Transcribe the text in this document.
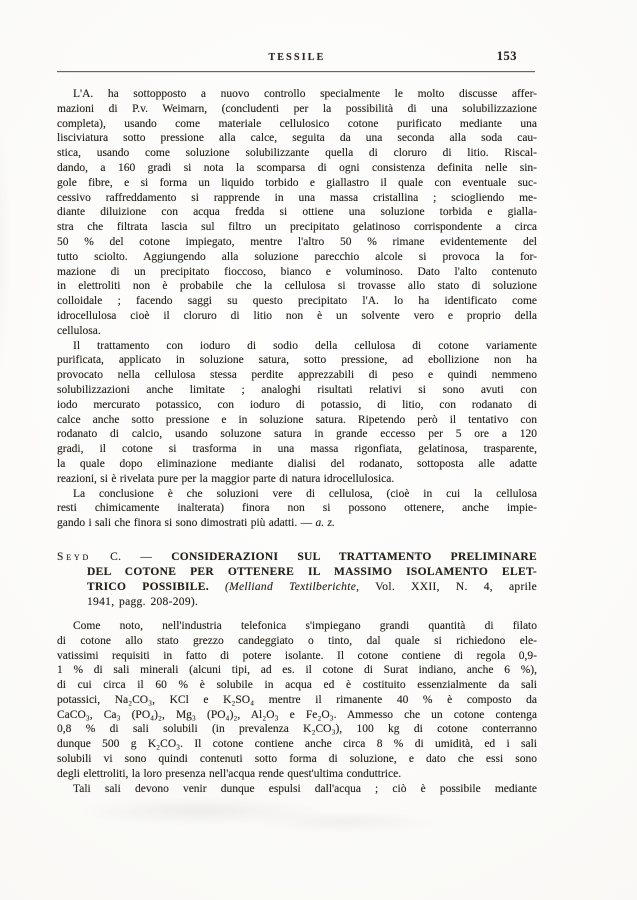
TESSILE	153
L'A. ha sottopposto a nuovo controllo specialmente le molto discusse affer-
mazioni di P.v. Weimarn, (concludenti per la possibilità di una solubilizzazione
completa), usando come materiale cellulosico cotone purificato mediante una
lisciviatura sotto pressione alla calce, seguita da una seconda alla soda cau-
stica, usando come soluzione solubilizzante quella di cloruro di litio. Riscal-
dando, a 160 gradi si nota la scomparsa di ogni consistenza definita nelle sin-
gole fibre, e si forma un liquido torbido e giallastro il quale con eventuale suc-
cessivo raffreddamento si rapprende in una massa cristallina ; sciogliendo me-
diante diluizione con acqua fredda si ottiene una soluzione torbida e gialla-
stra che filtrata lascia sul filtro un precipitato gelatinoso corrispondente a circa
50 % del cotone impiegato, mentre l'altro 50 % rimane evidentemente del
tutto sciolto. Aggiungendo alla soluzione parecchio alcole si provoca la for-
mazione di un precipitato fioccoso, bianco e voluminoso. Dato l'alto contenuto
in elettroliti non è probabile che la cellulosa si trovasse allo stato di soluzione
colloidale ; facendo saggi su questo precipitato l'A. lo ha identificato come
idrocellulosa cioè il cloruro di litio non è un solvente vero e proprio della
cellulosa.
Il trattamento con ioduro di sodio della cellulosa di cotone variamente
purificata, applicato in soluzione satura, sotto pressione, ad ebollizione non ha
provocato nella cellulosa stessa perdite apprezzabili di peso e quindi nemmeno
solubilizzazioni anche limitate ; analoghi risultati relativi si sono avuti con
iodo mercurato potassico, con ioduro di potassio, di litio, con rodanato di
calce anche sotto pressione e in soluzione satura. Ripetendo però il tentativo con
rodanato di calcio, usando soluzone satura in grande eccesso per 5 ore a 120
gradi, il cotone si trasforma in una massa rigonfiata, gelatinosa, trasparente,
la quale dopo eliminazione mediante dialisi del rodanato, sottoposta alle adatte
reazioni, si è rivelata pure per la maggior parte di natura idrocellulosica.
La conclusione è che soluzioni vere di cellulosa, (cioè in cui la cellulosa
resti chimicamente inalterata) finora non si possono ottenere, anche impie-
gando i sali che finora si sono dimostrati più adatti. — a. z.
Seyd C. — CONSIDERAZIONI SUL TRATTAMENTO PRELIMINARE
DEL COTONE PER OTTENERE IL MASSIMO ISOLAMENTO ELET-
TRICO POSSIBILE. (Melliand Textilberichte, Vol. XXII, N. 4, aprile
1941, pagg. 208-209).
Come noto, nell'industria telefonica s'impiegano grandi quantità di filato
di cotone allo stato grezzo candeggiato o tinto, dal quale si richiedono ele-
vatissimi requisiti in fatto di potere isolante. Il cotone contiene di regola 0,9-
1 % di sali minerali (alcuni tipi, ad es. il cotone di Surat indiano, anche 6 %),
di cui circa il 60 % è solubile in acqua ed è costituito essenzialmente da sali
potassici, Na₂CO₃, KCl e K₂SO₄ mentre il rimanente 40 % è composto da
CaCO₃, Ca₃ (PO₄)₂, Mg₃ (PO₄)₂, Al₂O₃ e Fe₂O₃. Ammesso che un cotone contenga
0,8 % di sali solubili (in prevalenza K₂CO₃), 100 kg di cotone conterranno
dunque 500 g K₂CO₃. Il cotone contiene anche circa 8 % di umidità, ed i sali
solubili vi sono quindi contenuti sotto forma di soluzione, e dato che essi sono
degli elettroliti, la loro presenza nell'acqua rende quest'ultima conduttrice.
Tali sali devono venir dunque espulsi dall'acqua ; ciò è possibile mediante
